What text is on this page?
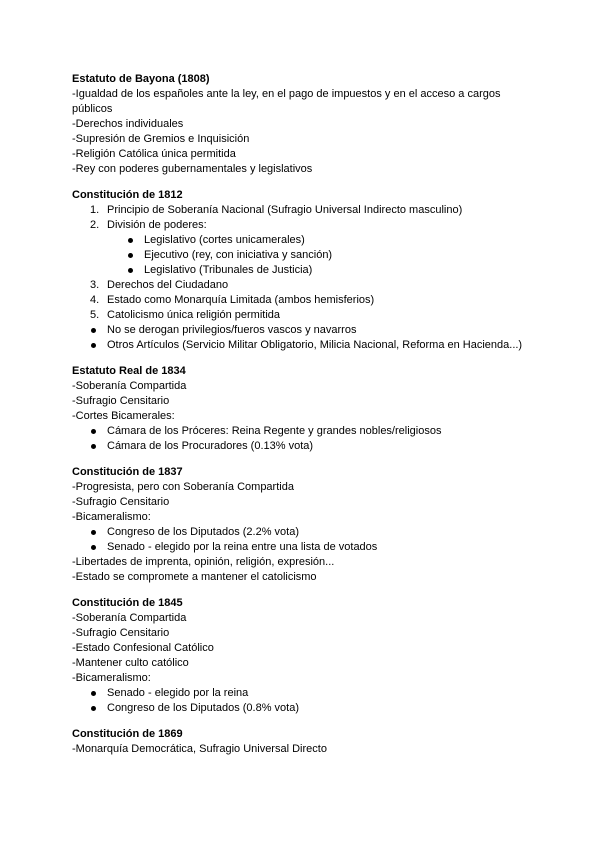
Estatuto de Bayona (1808)
-Igualdad de los españoles ante la ley, en el pago de impuestos y en el acceso a cargos públicos
-Derechos individuales
-Supresión de Gremios e Inquisición
-Religión Católica única permitida
-Rey con poderes gubernamentales y legislativos
Constitución de 1812
1. Principio de Soberanía Nacional (Sufragio Universal Indirecto masculino)
2. División de poderes:
Legislativo (cortes unicamerales)
Ejecutivo (rey, con iniciativa y sanción)
Legislativo (Tribunales de Justicia)
3. Derechos del Ciudadano
4. Estado como Monarquía Limitada (ambos hemisferios)
5. Catolicismo única religión permitida
No se derogan privilegios/fueros vascos y navarros
Otros Artículos (Servicio Militar Obligatorio, Milicia Nacional, Reforma en Hacienda...)
Estatuto Real de 1834
-Soberanía Compartida
-Sufragio Censitario
-Cortes Bicamerales:
Cámara de los Próceres: Reina Regente y grandes nobles/religiosos
Cámara de los Procuradores (0.13% vota)
Constitución de 1837
-Progresista, pero con Soberanía Compartida
-Sufragio Censitario
-Bicameralismo:
Congreso de los Diputados (2.2% vota)
Senado - elegido por la reina entre una lista de votados
-Libertades de imprenta, opinión, religión, expresión...
-Estado se compromete a mantener el catolicismo
Constitución de 1845
-Soberanía Compartida
-Sufragio Censitario
-Estado Confesional Católico
-Mantener culto católico
-Bicameralismo:
Senado - elegido por la reina
Congreso de los Diputados (0.8% vota)
Constitución de 1869
-Monarquía Democrática, Sufragio Universal Directo
